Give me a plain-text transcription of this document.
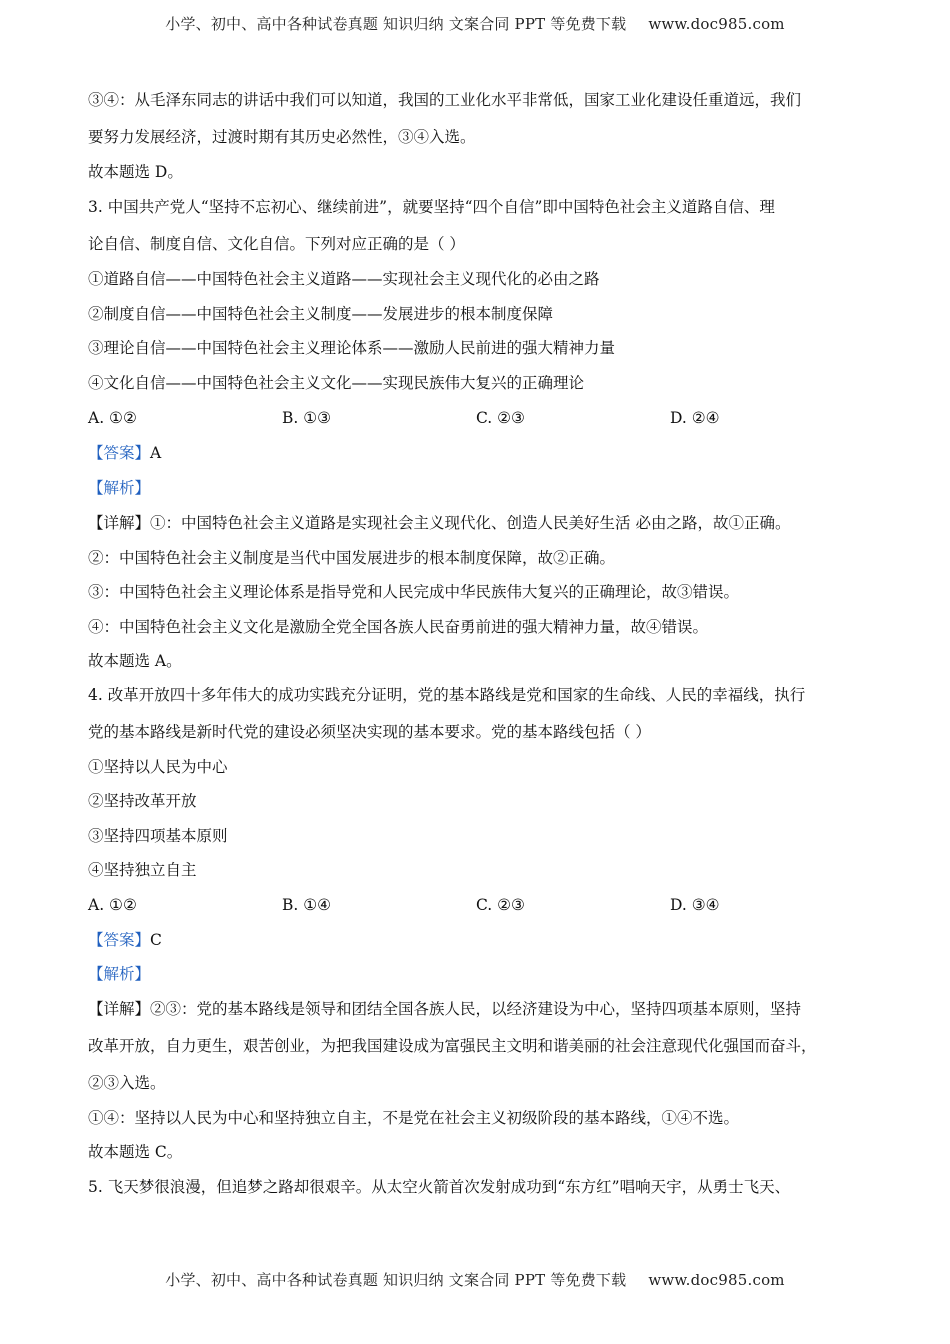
小学、初中、高中各种试卷真题 知识归纳 文案合同 PPT 等免费下载 www.doc985.com
③④：从毛泽东同志的讲话中我们可以知道，我国的工业化水平非常低，国家工业化建设任重道远，我们
要努力发展经济，过渡时期有其历史必然性，③④入选。
故本题选 D。
3. 中国共产党人“坚持不忘初心、继续前进”，就要坚持“四个自信”即中国特色社会主义道路自信、理
论自信、制度自信、文化自信。下列对应正确的是（ ）
①道路自信——中国特色社会主义道路——实现社会主义现代化的必由之路
②制度自信——中国特色社会主义制度——发展进步的根本制度保障
③理论自信——中国特色社会主义理论体系——激励人民前进的强大精神力量
④文化自信——中国特色社会主义文化——实现民族伟大复兴的正确理论
A. ①②	B. ①③	C. ②③	D. ②④
【答案】A
【解析】
【详解】①：中国特色社会主义道路是实现社会主义现代化、创造人民美好生活 必由之路，故①正确。
②：中国特色社会主义制度是当代中国发展进步的根本制度保障，故②正确。
③：中国特色社会主义理论体系是指导党和人民完成中华民族伟大复兴的正确理论，故③错误。
④：中国特色社会主义文化是激励全党全国各族人民奋勇前进的强大精神力量，故④错误。
故本题选 A。
4. 改革开放四十多年伟大的成功实践充分证明，党的基本路线是党和国家的生命线、人民的幸福线，执行
党的基本路线是新时代党的建设必须坚决实现的基本要求。党的基本路线包括（ ）
①坚持以人民为中心
②坚持改革开放
③坚持四项基本原则
④坚持独立自主
A. ①②	B. ①④	C. ②③	D. ③④
【答案】C
【解析】
【详解】②③：党的基本路线是领导和团结全国各族人民，以经济建设为中心，坚持四项基本原则，坚持
改革开放，自力更生，艰苦创业，为把我国建设成为富强民主文明和谐美丽的社会注意现代化强国而奋斗，
②③入选。
①④：坚持以人民为中心和坚持独立自主，不是党在社会主义初级阶段的基本路线，①④不选。
故本题选 C。
5. 飞天梦很浪漫，但追梦之路却很艰辛。从太空火箭首次发射成功到“东方红”唱响天宇，从勇士飞天、
小学、初中、高中各种试卷真题 知识归纳 文案合同 PPT 等免费下载 www.doc985.com
